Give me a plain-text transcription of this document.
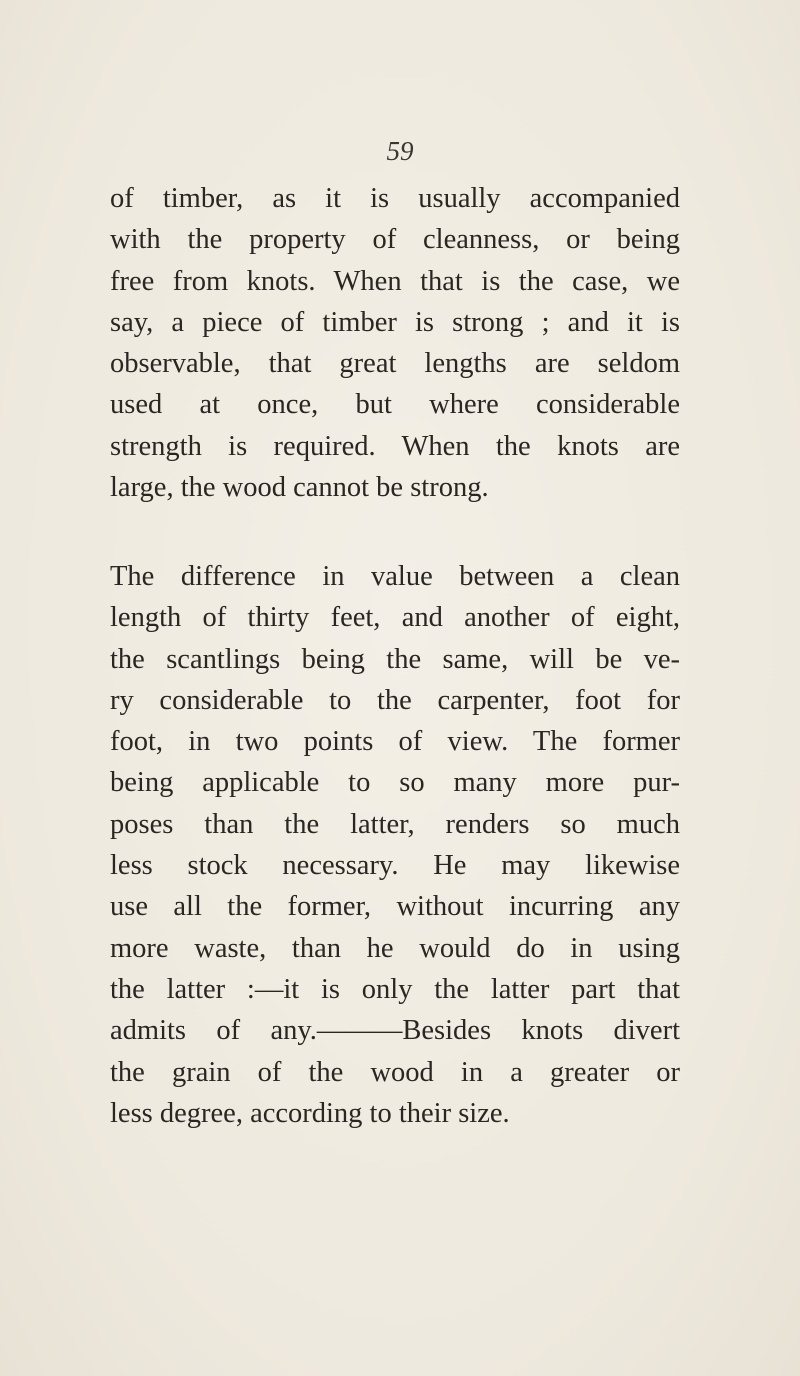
59
of timber, as it is usually accompanied
with the property of cleanness, or being
free from knots. When that is the case, we
say, a piece of timber is strong ; and it is
observable, that great lengths are seldom
used at once, but where considerable
strength is required. When the knots are
large, the wood cannot be strong.
The difference in value between a clean
length of thirty feet, and another of eight,
the scantlings being the same, will be ve-
ry considerable to the carpenter, foot for
foot, in two points of view. The former
being applicable to so many more pur-
poses than the latter, renders so much
less stock necessary. He may likewise
use all the former, without incurring any
more waste, than he would do in using
the latter :—it is only the latter part that
admits of any.———Besides knots divert
the grain of the wood in a greater or
less degree, according to their size.
